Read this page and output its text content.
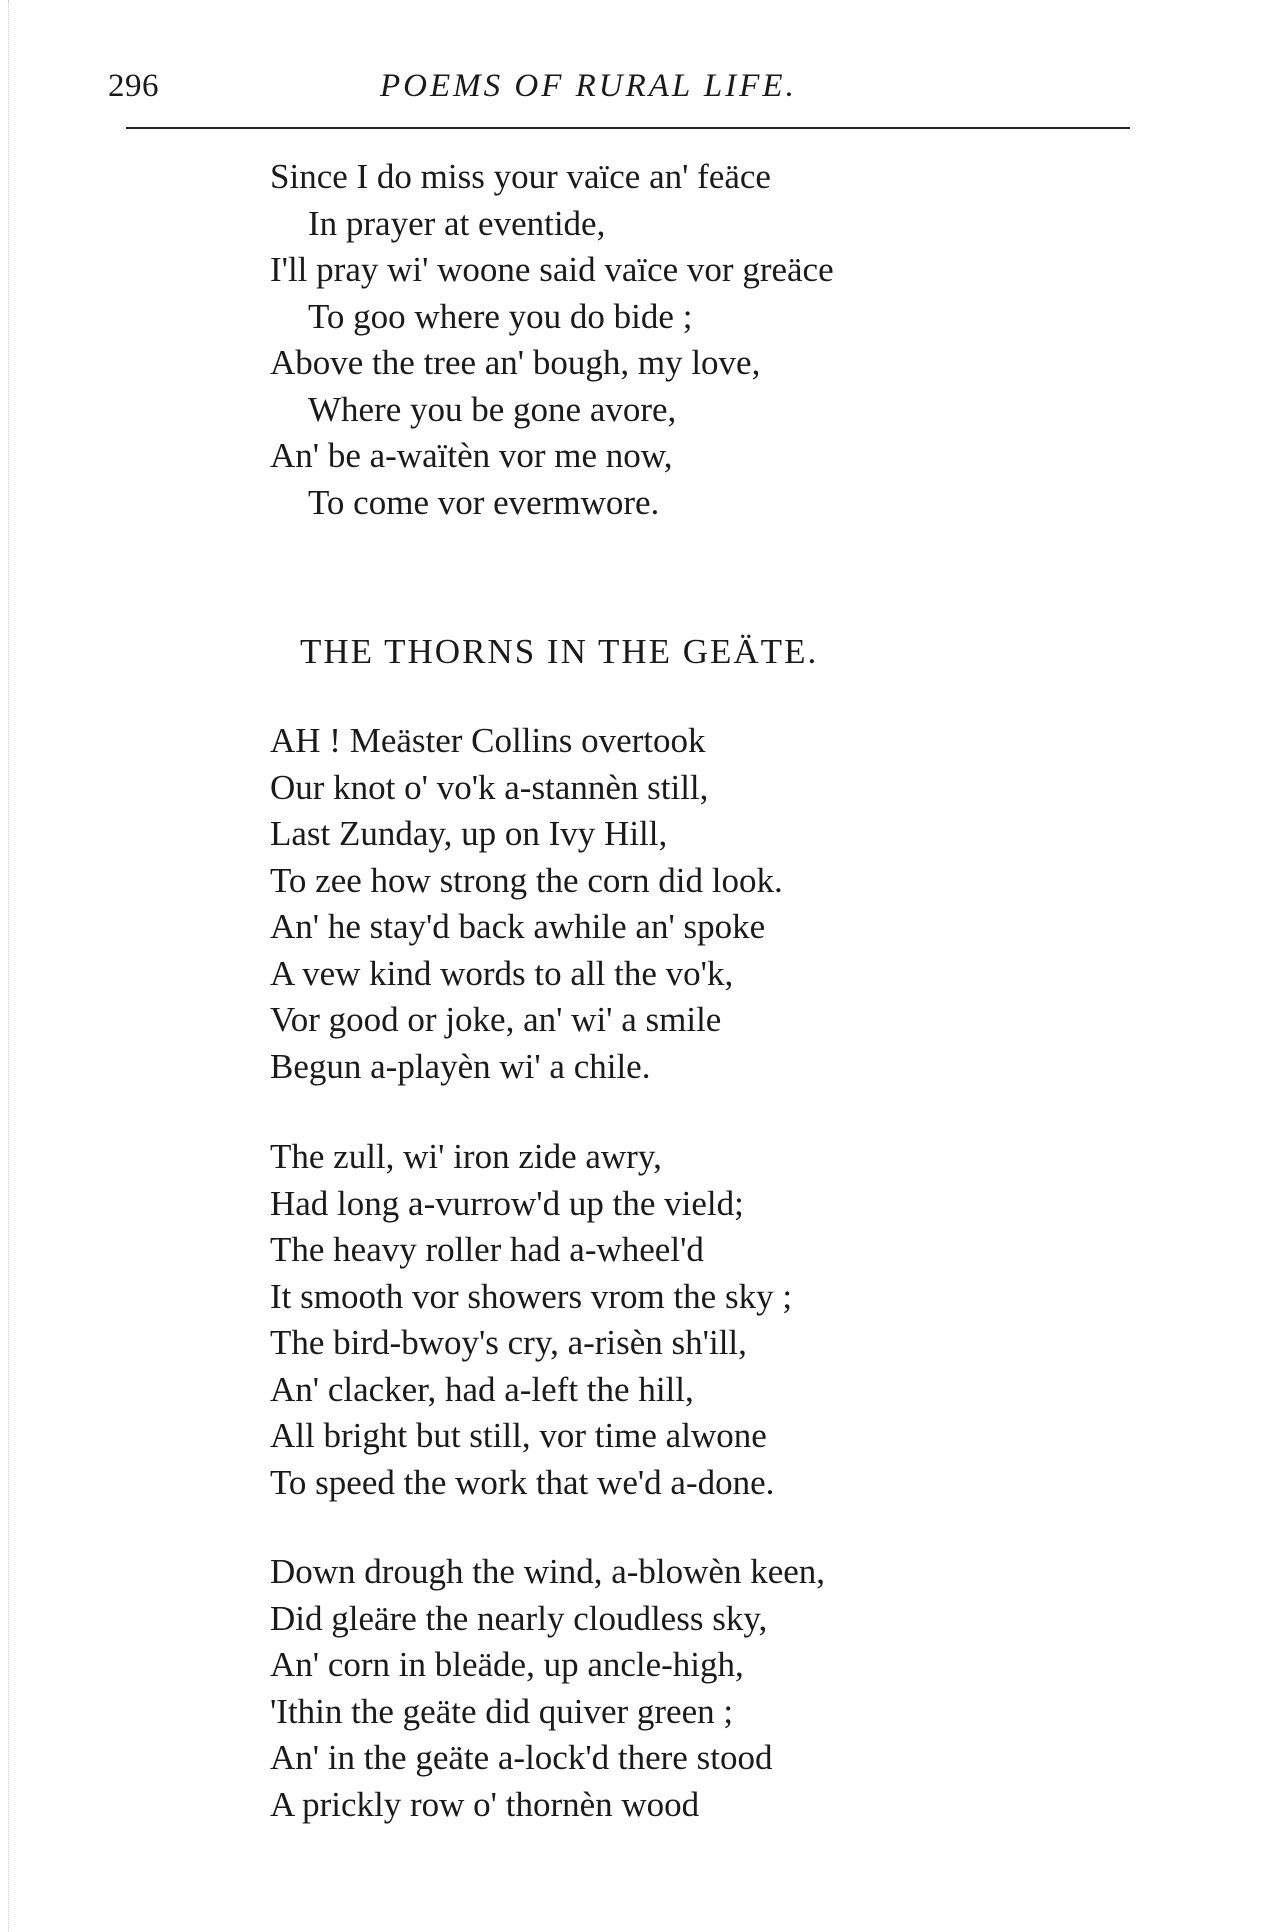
296	POEMS OF RURAL LIFE.
Since I do miss your vaïce an' feäce
In prayer at eventide,
I'll pray wi' woone said vaïce vor greäce
To goo where you do bide ;
Above the tree an' bough, my love,
Where you be gone avore,
An' be a-waïtèn vor me now,
To come vor evermwore.
THE THORNS IN THE GEÄTE.
AH ! Meäster Collins overtook
Our knot o' vo'k a-stannèn still,
Last Zunday, up on Ivy Hill,
To zee how strong the corn did look.
An' he stay'd back awhile an' spoke
A vew kind words to all the vo'k,
Vor good or joke, an' wi' a smile
Begun a-playèn wi' a chile.
The zull, wi' iron zide awry,
Had long a-vurrow'd up the vield;
The heavy roller had a-wheel'd
It smooth vor showers vrom the sky ;
The bird-bwoy's cry, a-risèn sh'ill,
An' clacker, had a-left the hill,
All bright but still, vor time alwone
To speed the work that we'd a-done.
Down drough the wind, a-blowèn keen,
Did gleäre the nearly cloudless sky,
An' corn in bleäde, up ancle-high,
'Ithin the geäte did quiver green ;
An' in the geäte a-lock'd there stood
A prickly row o' thornèn wood
